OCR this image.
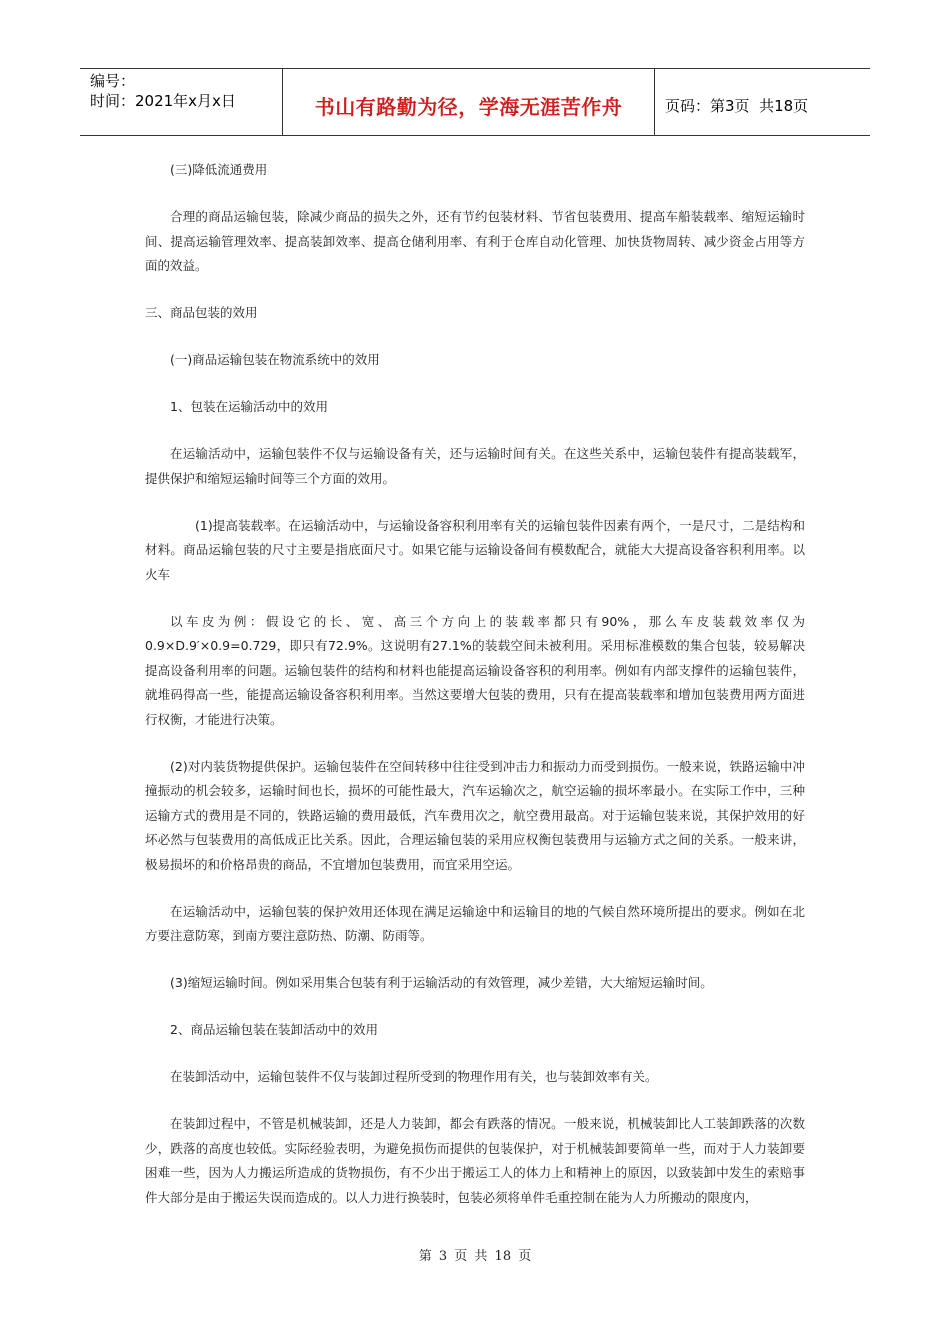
编号：
时间：2021年x月x日	书山有路勤为径，学海无涯苦作舟	页码：第3页  共18页

(三)降低流通费用

合理的商品运输包装，除减少商品的损失之外，还有节约包装材料、节省包装费用、提高车船装载率、缩短运输时间、提高运输管理效率、提高装卸效率、提高仓储利用率、有利于仓库自动化管理、加快货物周转、减少资金占用等方面的效益。

三、商品包装的效用

(一)商品运输包装在物流系统中的效用

1、包装在运输活动中的效用

在运输活动中，运输包装件不仅与运输设备有关，还与运输时间有关。在这些关系中，运输包装件有提高装载军，提供保护和缩短运输时间等三个方面的效用。

(1)提高装载率。在运输活动中，与运输设备容积利用率有关的运输包装件因素有两个，一是尺寸，二是结构和材料。商品运输包装的尺寸主要是指底面尺寸。如果它能与运输设备间有模数配合，就能大大提高设备容积利用率。以火车

以车皮为例：假设它的长、宽、高三个方向上的装载率都只有90%，那么车皮装载效率仅为0.9×D.9′×0.9=0.729，即只有72.9%。这说明有27.1%的装载空间未被利用。采用标准模数的集合包装，较易解决提高设备利用率的问题。运输包装件的结构和材料也能提高运输设备容积的利用率。例如有内部支撑件的运输包装件，就堆码得高一些，能提高运输设备容积利用率。当然这要增大包装的费用，只有在提高装载率和增加包装费用两方面进行权衡，才能进行决策。

(2)对内装货物提供保护。运输包装件在空间转移中往往受到冲击力和振动力而受到损伤。一般来说，铁路运输中冲撞振动的机会较多，运输时间也长，损坏的可能性最大，汽车运输次之，航空运输的损坏率最小。在实际工作中，三种运输方式的费用是不同的，铁路运输的费用最低，汽车费用次之，航空费用最高。对于运输包装来说，其保护效用的好坏必然与包装费用的高低成正比关系。因此，合理运输包装的采用应权衡包装费用与运输方式之间的关系。一般来讲，极易损坏的和价格昂贵的商品，不宜增加包装费用，而宜采用空运。

在运输活动中，运输包装的保护效用还体现在满足运输途中和运输目的地的气候自然环境所提出的要求。例如在北方要注意防寒，到南方要注意防热、防潮、防雨等。

(3)缩短运输时间。例如采用集合包装有利于运输活动的有效管理，减少差错，大大缩短运输时间。

2、商品运输包装在装卸活动中的效用

在装卸活动中，运输包装件不仅与装卸过程所受到的物理作用有关，也与装卸效率有关。

在装卸过程中，不管是机械装卸，还是人力装卸，都会有跌落的情况。一般来说，机械装卸比人工装卸跌落的次数少，跌落的高度也较低。实际经验表明，为避免损伤而提供的包装保护，对于机械装卸要简单一些，而对于人力装卸要困难一些，因为人力搬运所造成的货物损伤，有不少出于搬运工人的体力上和精神上的原因，以致装卸中发生的索赔事件大部分是由于搬运失误而造成的。以人力进行换装时，包装必须将单件毛重控制在能为人力所搬动的限度内，

第 3 页 共 18 页
